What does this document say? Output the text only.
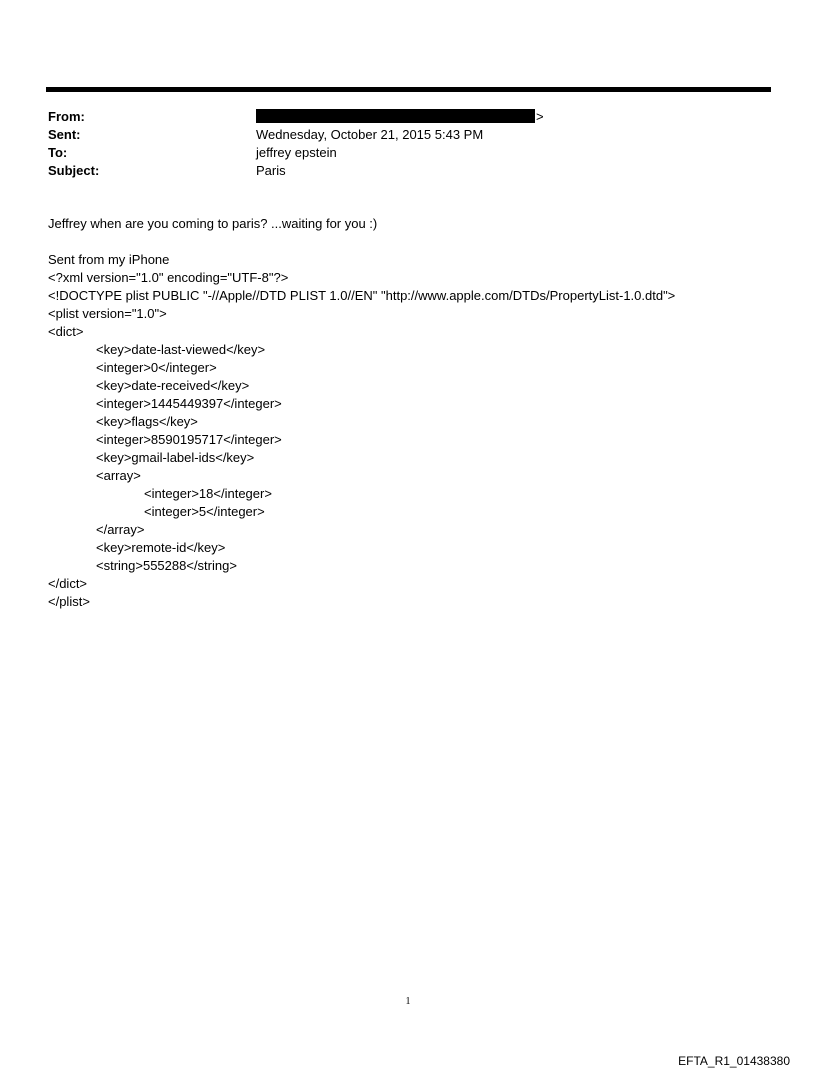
From:	>
Sent:	Wednesday, October 21, 2015 5:43 PM
To:	jeffrey epstein
Subject:	Paris
Jeffrey when are you coming to paris? ...waiting for you :)
Sent from my iPhone
<?xml version="1.0" encoding="UTF-8"?>
<!DOCTYPE plist PUBLIC "-//Apple//DTD PLIST 1.0//EN" "http://www.apple.com/DTDs/PropertyList-1.0.dtd">
<plist version="1.0">
<dict>
<key>date-last-viewed</key>
<integer>0</integer>
<key>date-received</key>
<integer>1445449397</integer>
<key>flags</key>
<integer>8590195717</integer>
<key>gmail-label-ids</key>
<array>
<integer>18</integer>
<integer>5</integer>
</array>
<key>remote-id</key>
<string>555288</string>
</dict>
</plist>
1
EFTA_R1_01438380
